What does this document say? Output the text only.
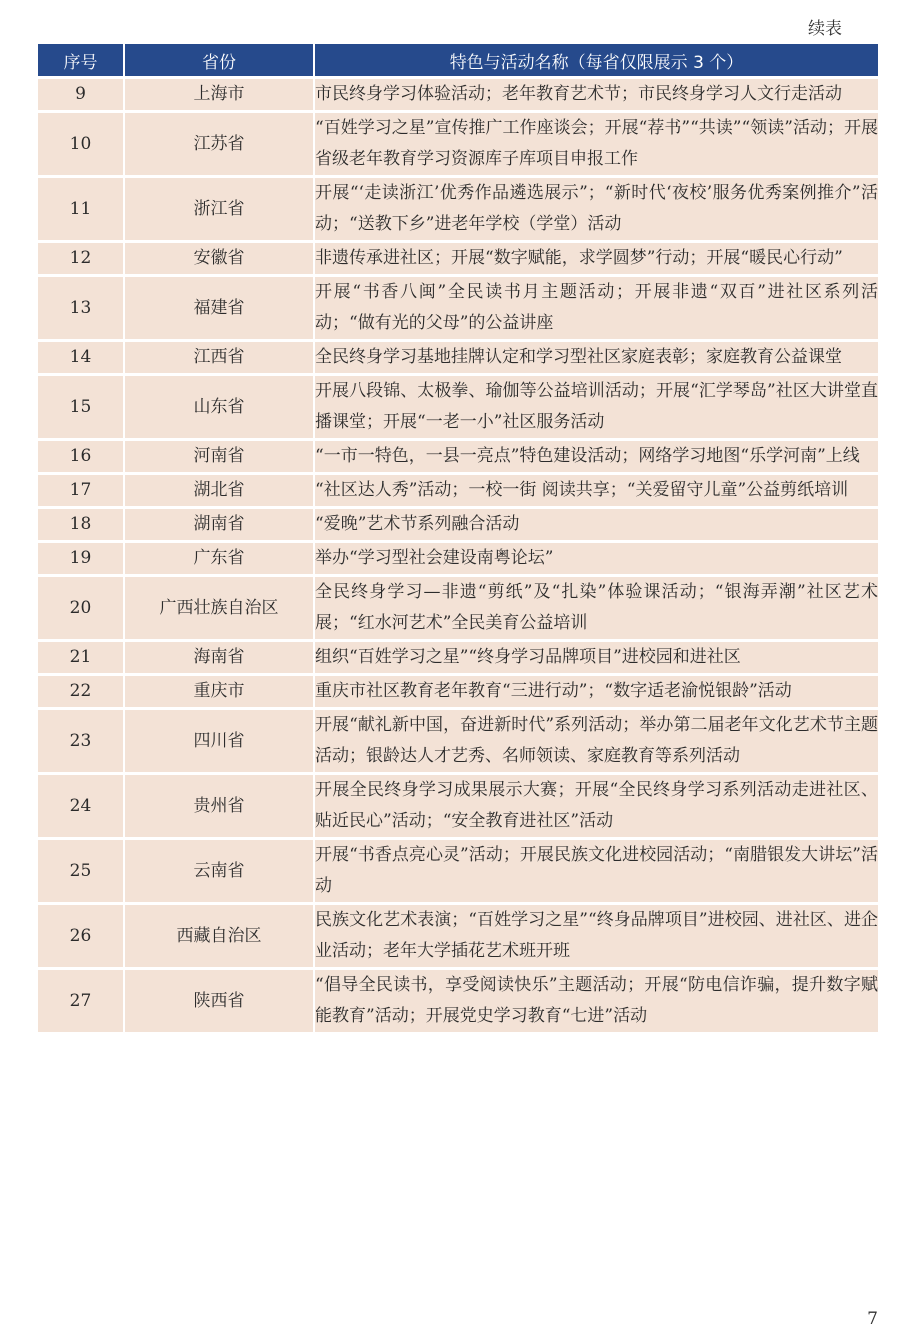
续表
序号	省份	特色与活动名称（每省仅限展示 3 个）
9	上海市	市民终身学习体验活动；老年教育艺术节；市民终身学习人文行走活动
10	江苏省	“百姓学习之星”宣传推广工作座谈会；开展“荐书”“共读”“领读”活动；开展省级老年教育学习资源库子库项目申报工作
11	浙江省	开展“‘走读浙江’优秀作品遴选展示”；“新时代‘夜校’服务优秀案例推介”活动；“送教下乡”进老年学校（学堂）活动
12	安徽省	非遗传承进社区；开展“数字赋能，求学圆梦”行动；开展“暖民心行动”
13	福建省	开展“书香八闽”全民读书月主题活动；开展非遗“双百”进社区系列活动；“做有光的父母”的公益讲座
14	江西省	全民终身学习基地挂牌认定和学习型社区家庭表彰；家庭教育公益课堂
15	山东省	开展八段锦、太极拳、瑜伽等公益培训活动；开展“汇学琴岛”社区大讲堂直播课堂；开展“一老一小”社区服务活动
16	河南省	“一市一特色，一县一亮点”特色建设活动；网络学习地图“乐学河南”上线
17	湖北省	“社区达人秀”活动；一校一街 阅读共享；“关爱留守儿童”公益剪纸培训
18	湖南省	“爱晚”艺术节系列融合活动
19	广东省	举办“学习型社会建设南粤论坛”
20	广西壮族自治区	全民终身学习—非遗“剪纸”及“扎染”体验课活动；“银海弄潮”社区艺术展；“红水河艺术”全民美育公益培训
21	海南省	组织“百姓学习之星”“终身学习品牌项目”进校园和进社区
22	重庆市	重庆市社区教育老年教育“三进行动”；“数字适老渝悦银龄”活动
23	四川省	开展“献礼新中国，奋进新时代”系列活动；举办第二届老年文化艺术节主题活动；银龄达人才艺秀、名师领读、家庭教育等系列活动
24	贵州省	开展全民终身学习成果展示大赛；开展“全民终身学习系列活动走进社区、贴近民心”活动；“安全教育进社区”活动
25	云南省	开展“书香点亮心灵”活动；开展民族文化进校园活动；“南腊银发大讲坛”活动
26	西藏自治区	民族文化艺术表演；“百姓学习之星”“终身品牌项目”进校园、进社区、进企业活动；老年大学插花艺术班开班
27	陕西省	“倡导全民读书，享受阅读快乐”主题活动；开展“防电信诈骗，提升数字赋能教育”活动；开展党史学习教育“七进”活动
7
